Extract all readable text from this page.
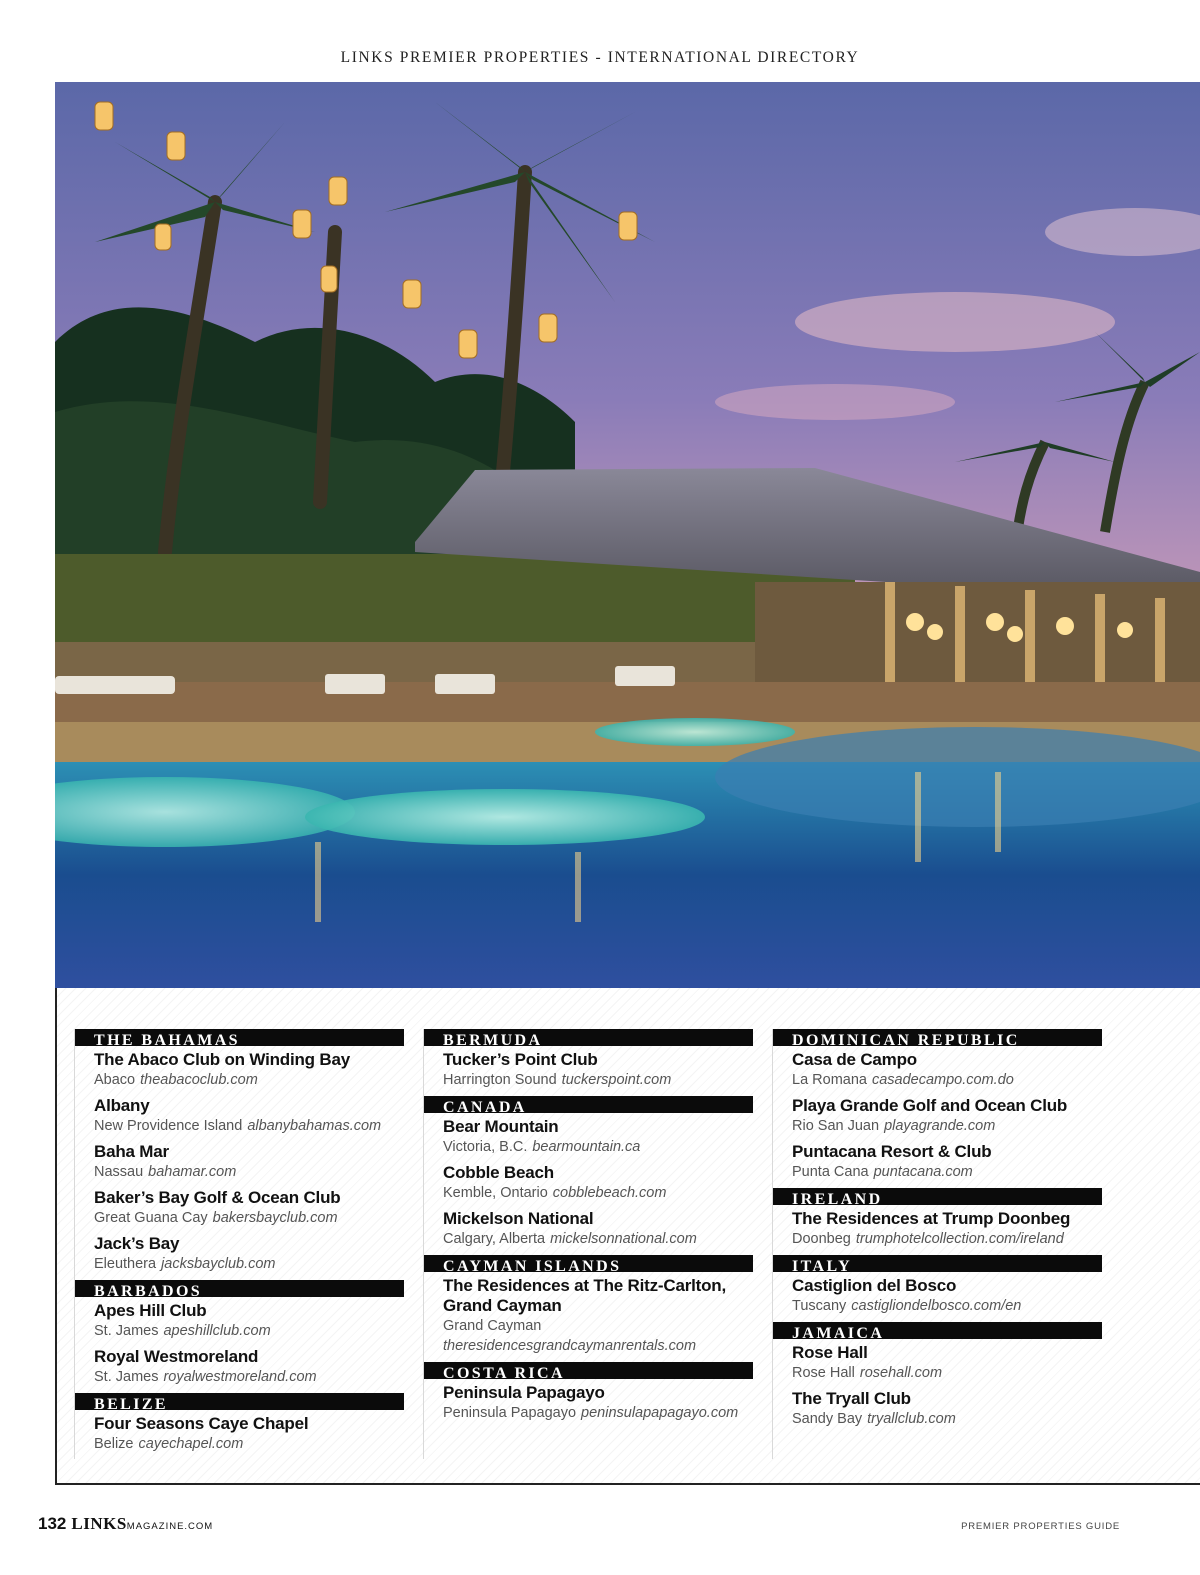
LINKS PREMIER PROPERTIES - INTERNATIONAL DIRECTORY
THE BAHAMAS
The Abaco Club on Winding Bay
Abaco theabacoclub.com
Albany
New Providence Island albanybahamas.com
Baha Mar
Nassau bahamar.com
Baker’s Bay Golf & Ocean Club
Great Guana Cay bakersbayclub.com
Jack’s Bay
Eleuthera jacksbayclub.com
BARBADOS
Apes Hill Club
St. James apeshillclub.com
Royal Westmoreland
St. James royalwestmoreland.com
BELIZE
Four Seasons Caye Chapel
Belize cayechapel.com
BERMUDA
Tucker’s Point Club
Harrington Sound tuckerspoint.com
CANADA
Bear Mountain
Victoria, B.C. bearmountain.ca
Cobble Beach
Kemble, Ontario cobblebeach.com
Mickelson National
Calgary, Alberta mickelsonnational.com
CAYMAN ISLANDS
The Residences at The Ritz-Carlton, Grand Cayman
Grand Cayman
theresidencesgrandcaymanrentals.com
COSTA RICA
Peninsula Papagayo
Peninsula Papagayo peninsulapapagayo.com
DOMINICAN REPUBLIC
Casa de Campo
La Romana casadecampo.com.do
Playa Grande Golf and Ocean Club
Rio San Juan playagrande.com
Puntacana Resort & Club
Punta Cana puntacana.com
IRELAND
The Residences at Trump Doonbeg
Doonbeg trumphotelcollection.com/ireland
ITALY
Castiglion del Bosco
Tuscany castigliondelbosco.com/en
JAMAICA
Rose Hall
Rose Hall rosehall.com
The Tryall Club
Sandy Bay tryallclub.com
132 LINKSMAGAZINE.COM	PREMIER PROPERTIES GUIDE
